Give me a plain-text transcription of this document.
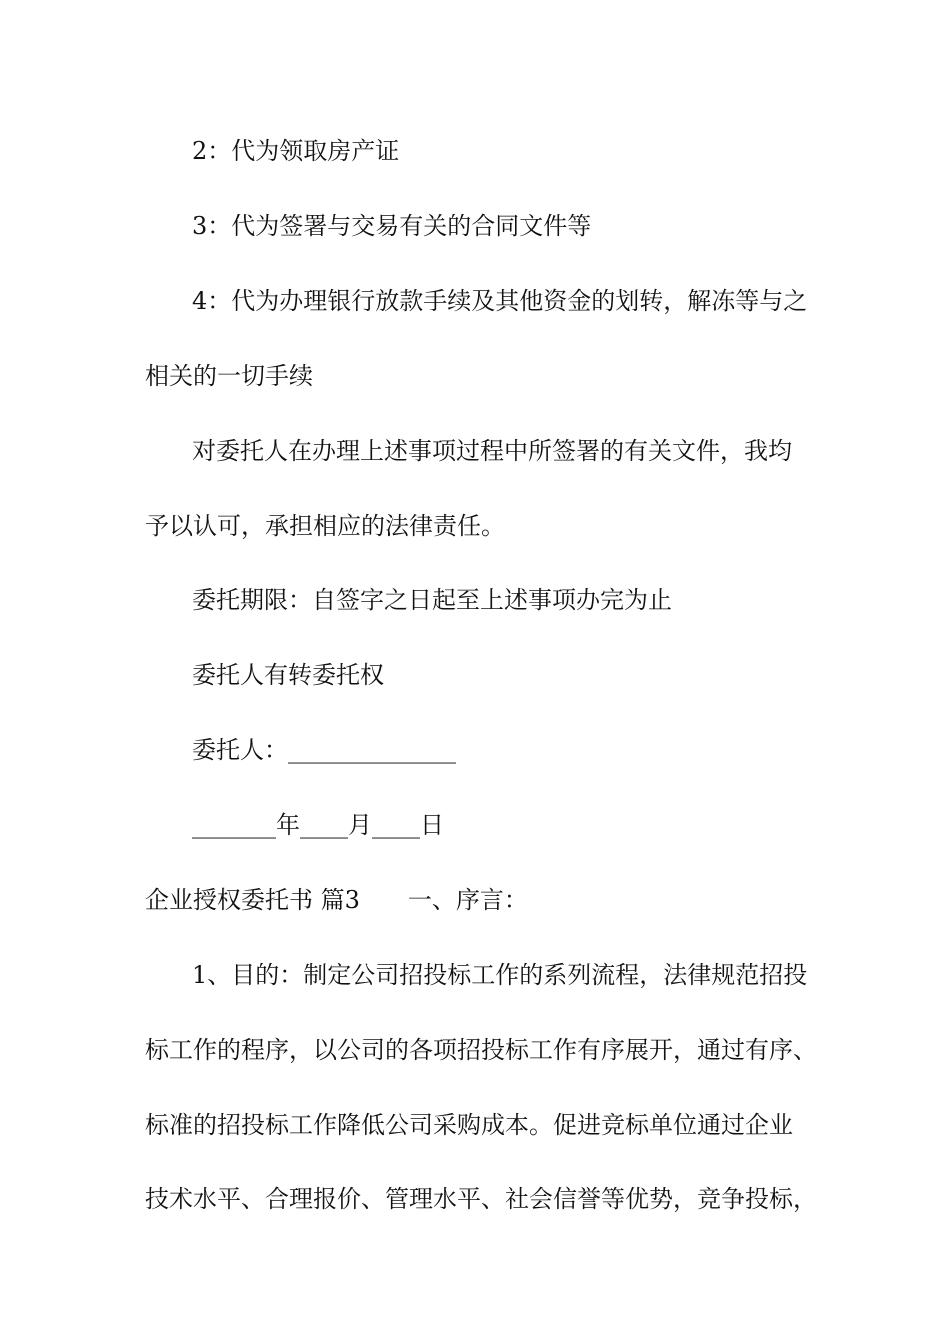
2：代为领取房产证

3：代为签署与交易有关的合同文件等

4：代为办理银行放款手续及其他资金的划转，解冻等与之

相关的一切手续

对委托人在办理上述事项过程中所签署的有关文件，我均

予以认可，承担相应的法律责任。

委托期限：自签字之日起至上述事项办完为止

委托人有转委托权

委托人：______________

_______年____月____日

企业授权委托书 篇3　　一、序言：

1、目的：制定公司招投标工作的系列流程，法律规范招投

标工作的程序，以公司的各项招投标工作有序展开，通过有序、

标准的招投标工作降低公司采购成本。促进竞标单位通过企业

技术水平、合理报价、管理水平、社会信誉等优势，竞争投标，
